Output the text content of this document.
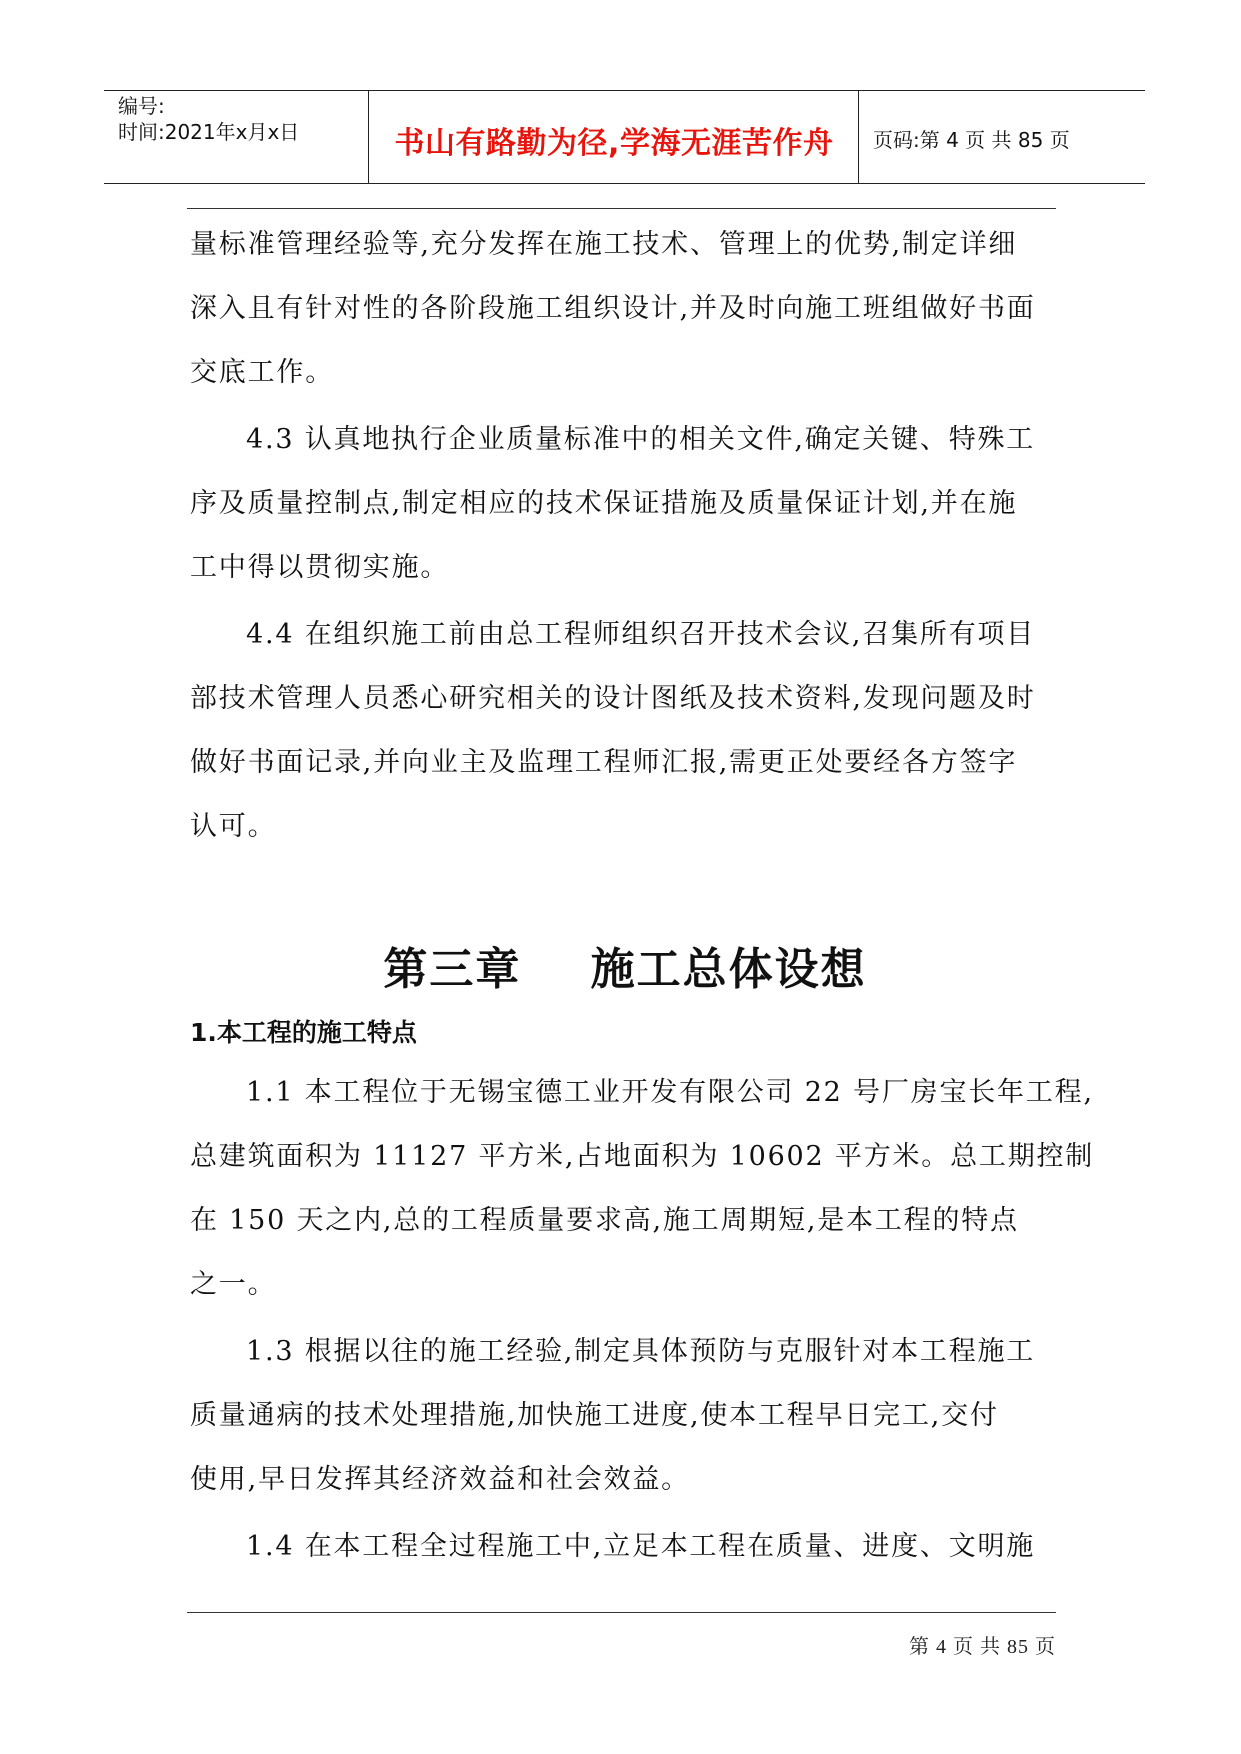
编号:
时间:2021年x月x日	书山有路勤为径,学海无涯苦作舟	页码:第 4 页 共 85 页
量标准管理经验等,充分发挥在施工技术、管理上的优势,制定详细
深入且有针对性的各阶段施工组织设计,并及时向施工班组做好书面
交底工作。
4.3 认真地执行企业质量标准中的相关文件,确定关键、特殊工
序及质量控制点,制定相应的技术保证措施及质量保证计划,并在施
工中得以贯彻实施。
4.4 在组织施工前由总工程师组织召开技术会议,召集所有项目
部技术管理人员悉心研究相关的设计图纸及技术资料,发现问题及时
做好书面记录,并向业主及监理工程师汇报,需更正处要经各方签字
认可。
第三章    施工总体设想
1.本工程的施工特点
1.1 本工程位于无锡宝德工业开发有限公司 22 号厂房宝长年工程,
总建筑面积为 11127 平方米,占地面积为 10602 平方米。总工期控制
在 150 天之内,总的工程质量要求高,施工周期短,是本工程的特点
之一。
1.3 根据以往的施工经验,制定具体预防与克服针对本工程施工
质量通病的技术处理措施,加快施工进度,使本工程早日完工,交付
使用,早日发挥其经济效益和社会效益。
1.4 在本工程全过程施工中,立足本工程在质量、进度、文明施
第 4 页 共 85 页
